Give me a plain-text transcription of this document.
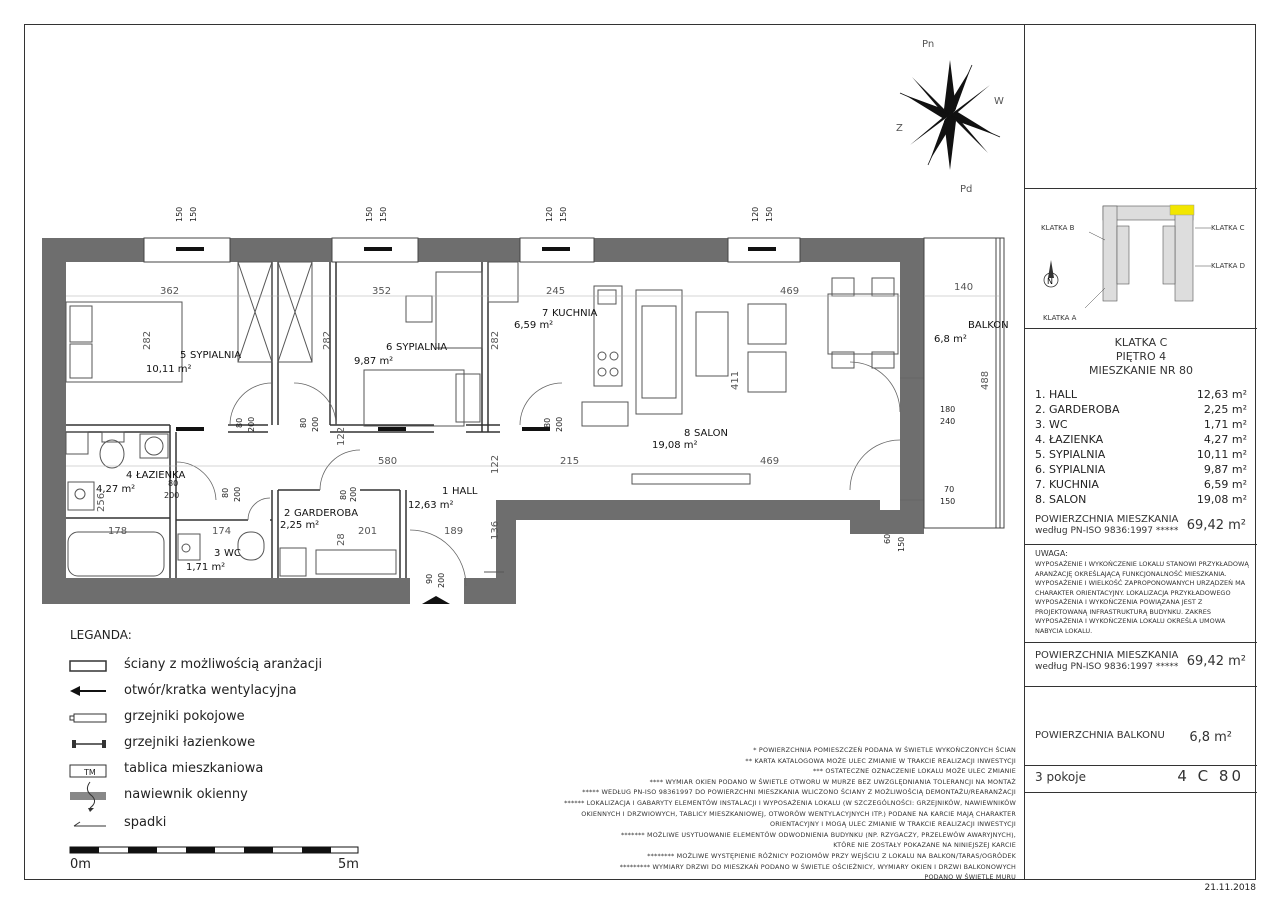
Pn
Pd
W
Z
5 SYPIALNIA
10,11 m²
6 SYPIALNIA
9,87 m²
7 KUCHNIA
6,59 m²
8 SALON
19,08 m²
4 ŁAZIENKA
4,27 m²	1 HALL
12,63 m²
2 GARDEROBA
2,25 m²
3 WC
1,71 m²
BALKON
6,8 m²
362	352	245	469	140
580	215	469
178	174	201	189
180
240
70
150
282	282	282
411	488
122
122
256
28	136	60 150
150 150	150 150	120 150	120 150
80 200	80 200	80 200
80 200	80 200
90 200
80
200
TM
LEGANDA:
ściany z możliwością aranżacji
otwór/kratka wentylacyjna
grzejniki pokojowe
grzejniki łazienkowe
tablica mieszkaniowa
nawiewnik okienny
spadki
0m	5m
* POWIERZCHNIA POMIESZCZEŃ PODANA W ŚWIETLE WYKOŃCZONYCH ŚCIAN
** KARTA KATALOGOWA MOŻE ULEC ZMIANIE W TRAKCIE REALIZACJI INWESTYCJI
*** OSTATECZNE OZNACZENIE LOKALU MOŻE ULEC ZMIANIE
**** WYMIAR OKIEN PODANO W ŚWIETLE OTWORU W MURZE BEZ UWZGLĘDNIANIA TOLERANCJI NA MONTAŻ
***** WEDŁUG PN-ISO 98361997 DO POWIERZCHNI MIESZKANIA WLICZONO ŚCIANY Z MOŻLIWOŚCIĄ DEMONTAŻU/REARANŻACJI
****** LOKALIZACJA I GABARYTY ELEMENTÓW INSTALACJI I WYPOSAŻENIA LOKALU (W SZCZEGÓLNOŚCI: GRZEJNIKÓW, NAWIEWNIKÓW
OKIENNYCH I DRZWIOWYCH, TABLICY MIESZKANIOWEJ, OTWORÓW WENTYLACYJNYCH ITP.) PODANE NA KARCIE MAJĄ CHARAKTER
ORIENTACYJNY I MOGĄ ULEC ZMIANIE W TRAKCIE REALIZACJI INWESTYCJI
******* MOŻLIWE USYTUOWANIE ELEMENTÓW ODWODNIENIA BUDYNKU (NP. RZYGACZY, PRZELEWÓW AWARYJNYCH),
KTÓRE NIE ZOSTAŁY POKAZANE NA NINIEJSZEJ KARCIE
******** MOŻLIWE WYSTĘPIENIE RÓŻNICY POZIOMÓW PRZY WEJŚCIU Z LOKALU NA BALKON/TARAS/OGRÓDEK
********* WYMIARY DRZWI DO MIESZKAŃ PODANO W ŚWIETLE OŚCIEŻNICY, WYMIARY OKIEN I DRZWI BALKONOWYCH
PODANO W ŚWIETLE MURU
N
KLATKA B	KLATKA C
KLATKA D
KLATKA A
KLATKA C
PIĘTRO 4
MIESZKANIE NR 80
1. HALL	12,63 m²
2. GARDEROBA	2,25 m²
3. WC	1,71 m²
4. ŁAZIENKA	4,27 m²
5. SYPIALNIA	10,11 m²
6. SYPIALNIA	9,87 m²
7. KUCHNIA	6,59 m²
8. SALON	19,08 m²
POWIERZCHNIA MIESZKANIA
według PN-ISO 9836:1997 ***** 69,42 m²
UWAGA:
WYPOSAŻENIE I WYKOŃCZENIE LOKALU STANOWI PRZYKŁADOWĄ ARANŻACJĘ OKREŚLAJĄCĄ FUNKCJONALNOŚĆ MIESZKANIA. WYPOSAŻENIE I WIELKOŚĆ ZAPROPONOWANYCH URZĄDZEŃ MA CHARAKTER ORIENTACYJNY. LOKALIZACJA PRZYKŁADOWEGO WYPOSAŻENIA I WYKOŃCZENIA POWIĄZANA JEST Z PROJEKTOWANĄ INFRASTRUKTURĄ BUDYNKU. ZAKRES WYPOSAŻENIA I WYKOŃCZENIA LOKALU OKREŚLA UMOWA NABYCIA LOKALU.
POWIERZCHNIA MIESZKANIA
według PN-ISO 9836:1997 ***** 69,42 m²
POWIERZCHNIA BALKONU 6,8 m²
3 pokoje	4 C 80
21.11.2018
